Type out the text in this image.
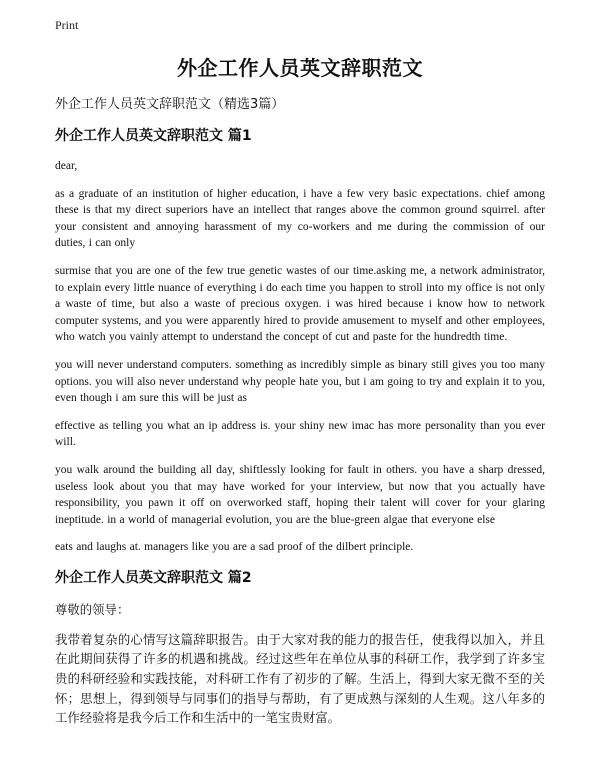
Print
外企工作人员英文辞职范文
外企工作人员英文辞职范文（精选3篇）
外企工作人员英文辞职范文 篇1

dear,

as a graduate of an institution of higher education, i have a few very basic expectations. chief among these is that my direct superiors have an intellect that ranges above the common ground squirrel. after your consistent and annoying harassment of my co-workers and me during the commission of our duties, i can only

surmise that you are one of the few true genetic wastes of our time.asking me, a network administrator, to explain every little nuance of everything i do each time you happen to stroll into my office is not only a waste of time, but also a waste of precious oxygen. i was hired because i know how to network computer systems, and you were apparently hired to provide amusement to myself and other employees, who watch you vainly attempt to understand the concept of cut and paste for the hundredth time.

you will never understand computers. something as incredibly simple as binary still gives you too many options. you will also never understand why people hate you, but i am going to try and explain it to you, even though i am sure this will be just as

effective as telling you what an ip address is. your shiny new imac has more personality than you ever will.

you walk around the building all day, shiftlessly looking for fault in others. you have a sharp dressed, useless look about you that may have worked for your interview, but now that you actually have responsibility, you pawn it off on overworked staff, hoping their talent will cover for your glaring ineptitude. in a world of managerial evolution, you are the blue-green algae that everyone else

eats and laughs at. managers like you are a sad proof of the dilbert principle.

外企工作人员英文辞职范文 篇2
尊敬的领导：

我带着复杂的心情写这篇辞职报告。由于大家对我的能力的报告任，使我得以加入，并且在此期间获得了许多的机遇和挑战。经过这些年在单位从事的科研工作，我学到了许多宝贵的科研经验和实践技能，对科研工作有了初步的了解。生活上，得到大家无微不至的关怀；思想上，得到领导与同事们的指导与帮助，有了更成熟与深刻的人生观。这八年多的工作经验将是我今后工作和生活中的一笔宝贵财富。
